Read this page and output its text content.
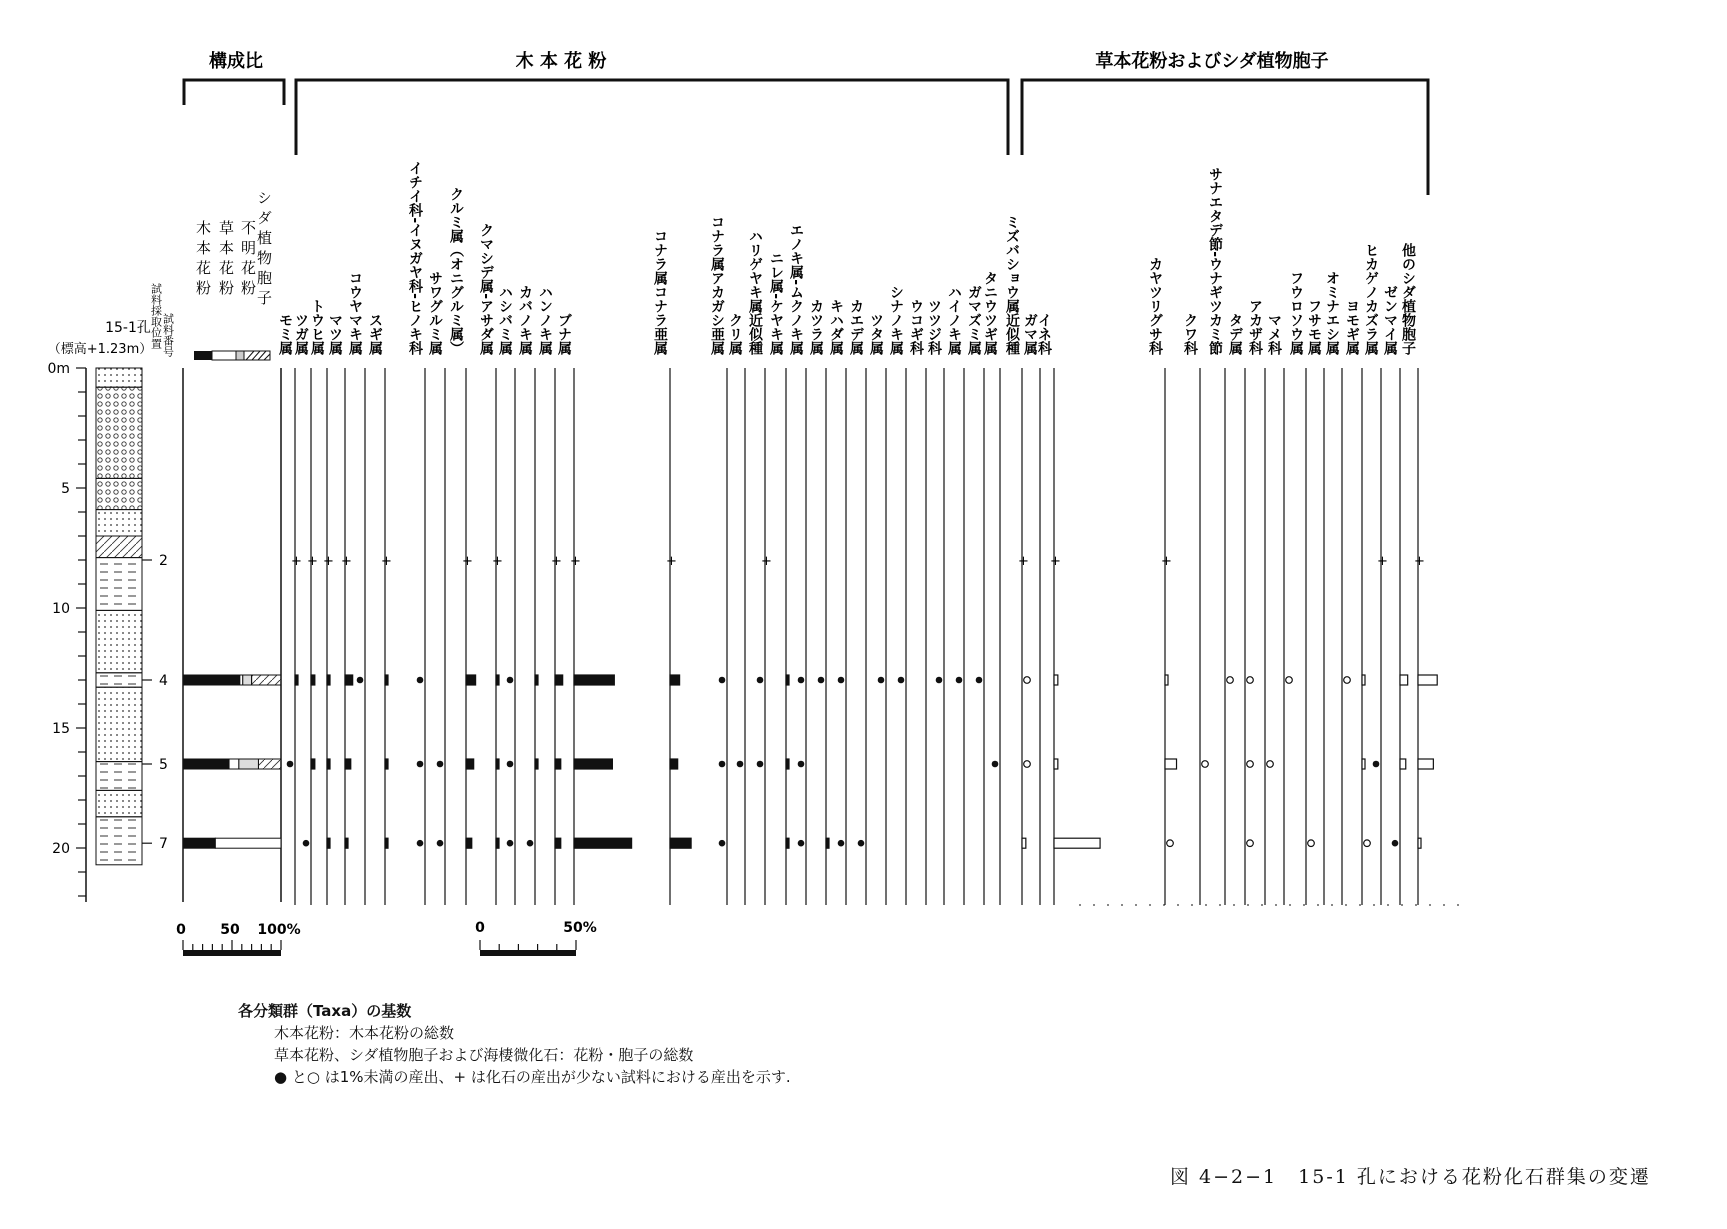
構成比	木 本 花 粉	草本花粉およびシダ植物胞子
15-1孔
（標高+1.23m）
試料採取位置 試料番号
0m
5
10
15
20
2
4
5
7
木本花粉 草本花粉 不明花粉
シダ植物胞子
モミ属
+
ツガ属
+
トウヒ属
+
マツ属
+
コウヤマキ属 スギ属
+
イチイ科-イヌガヤ科-ヒノキ科 サワグルミ属 クルミ属（オニグルミ属）
+
クマシデ属-アサダ属
+
ハシバミ属 カバノキ属 ハンノキ属
+
ブナ属
+
コナラ属コナラ亜属
+
コナラ属アカガシ亜属 クリ属 ハリゲヤキ属近似種
+
ニレ属-ケヤキ属 エノキ属-ムクノキ属 カツラ属 キハダ属 カエデ属 ツタ属 シナノキ属 ウコギ科 ツツジ科 ハイノキ属 ガマズミ属 タニウツギ属 ミズバショウ属近似種
+
ガマ属
イネ科
+
カヤツリグサ科
+
クワ科 サナエタデ節-ウナギツカミ節 タデ属 アカザ科 マメ科 フウロソウ属 フサモ属 オミナエシ属 ヨモギ属 ヒカゲノカズラ属
+
ゼンマイ属 他のシダ植物胞子
+
0 50 100%	0	50%
各分類群（Taxa）の基数
木本花粉：木本花粉の総数
草本花粉、シダ植物胞子および海棲微化石：花粉・胞子の総数
● と○ は1%未満の産出、+ は化石の産出が少ない試料における産出を示す.
図 4−2−1　15-1 孔における花粉化石群集の変遷
